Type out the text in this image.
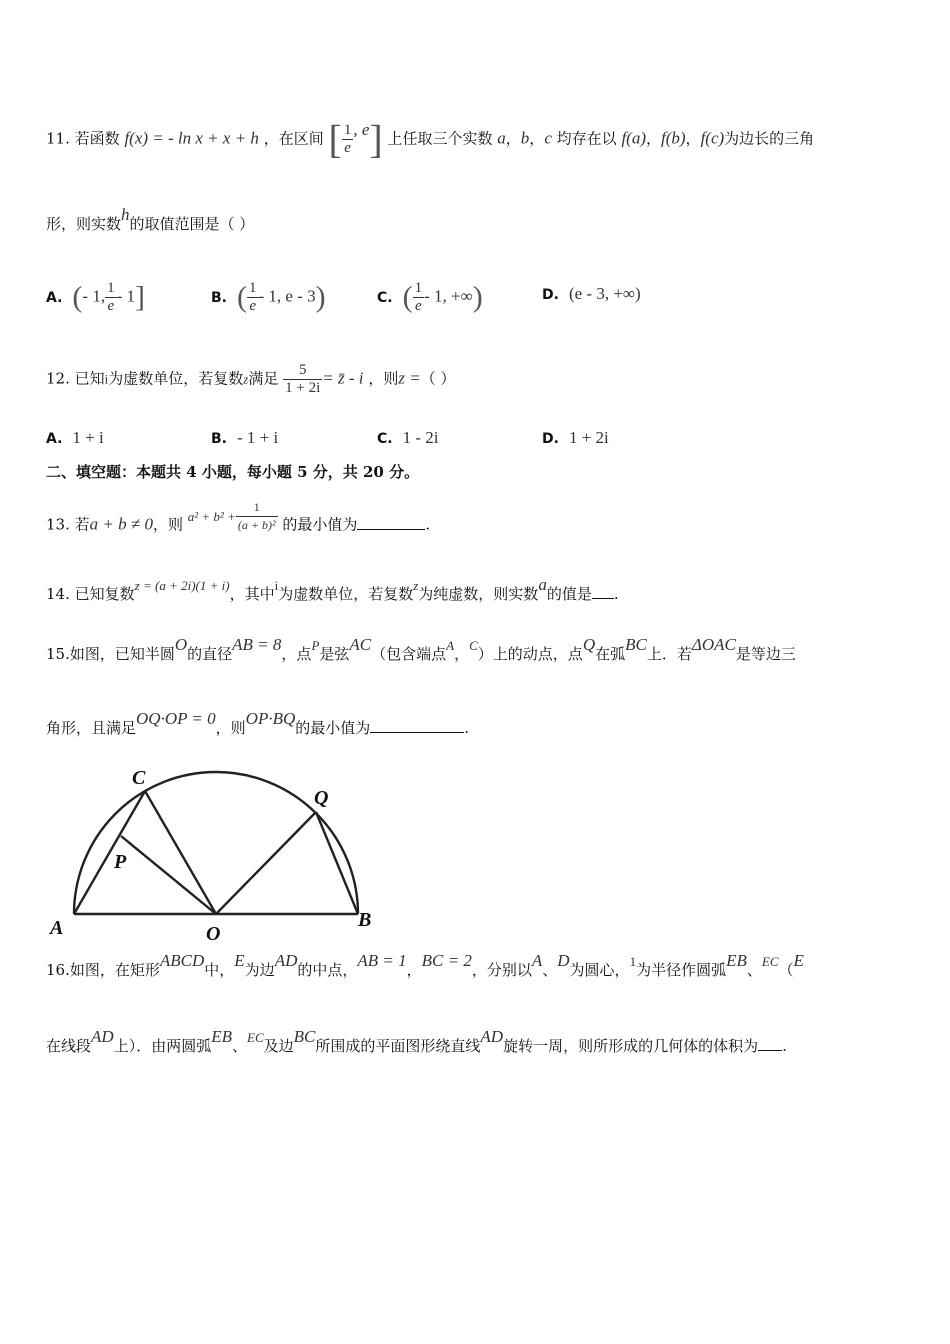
11. 若函数 f(x) = - ln x + x + h ，在区间 [ $\frac{1}{e}$ , e] 上任取三个实数 a，b，c 均存在以 f(a)，f(b)，f(c)为边长的三角
形，则实数h的取值范围是（ ）
A. (- 1, $\frac{1}{e} - 1$]	B. ( $\frac{1}{e} - 1$, e - 3)	C. ( $\frac{1}{e} - 1$, +∞)	D. (e - 3, +∞)
12. 已知i为虚数单位，若复数z满足 $\frac{5}{1 + 2i}$ = z̄ - i ，则z =（ ）
A. 1 + i	B. - 1 + i	C. 1 - 2i	D. 1 + 2i
二、填空题：本题共 4 小题，每小题 5 分，共 20 分。
13. 若a + b ≠ 0，则 $a^2 + b^2 + \frac{1}{\text{(a + b)²}}$ 的最小值为	.
14. 已知复数z = (a + 2i)(1 + i)，其中i为虚数单位，若复数z为纯虚数，则实数a的值是 .
15.如图，已知半圆O的直径AB = 8，点P是弦AC（包含端点A，C）上的动点，点Q在弧BC上．若ΔOAC是等边三
角形，且满足OQ·OP = 0，则OP·BQ的最小值为	.
C
Q
P
A	B
O
16.如图，在矩形ABCD中，E为边AD的中点，AB = 1，BC = 2，分别以A、D为圆心，1为半径作圆弧EB、EC（E
在线段AD上）．由两圆弧EB、EC及边BC所围成的平面图形绕直线AD旋转一周，则所形成的几何体的体积为 .
